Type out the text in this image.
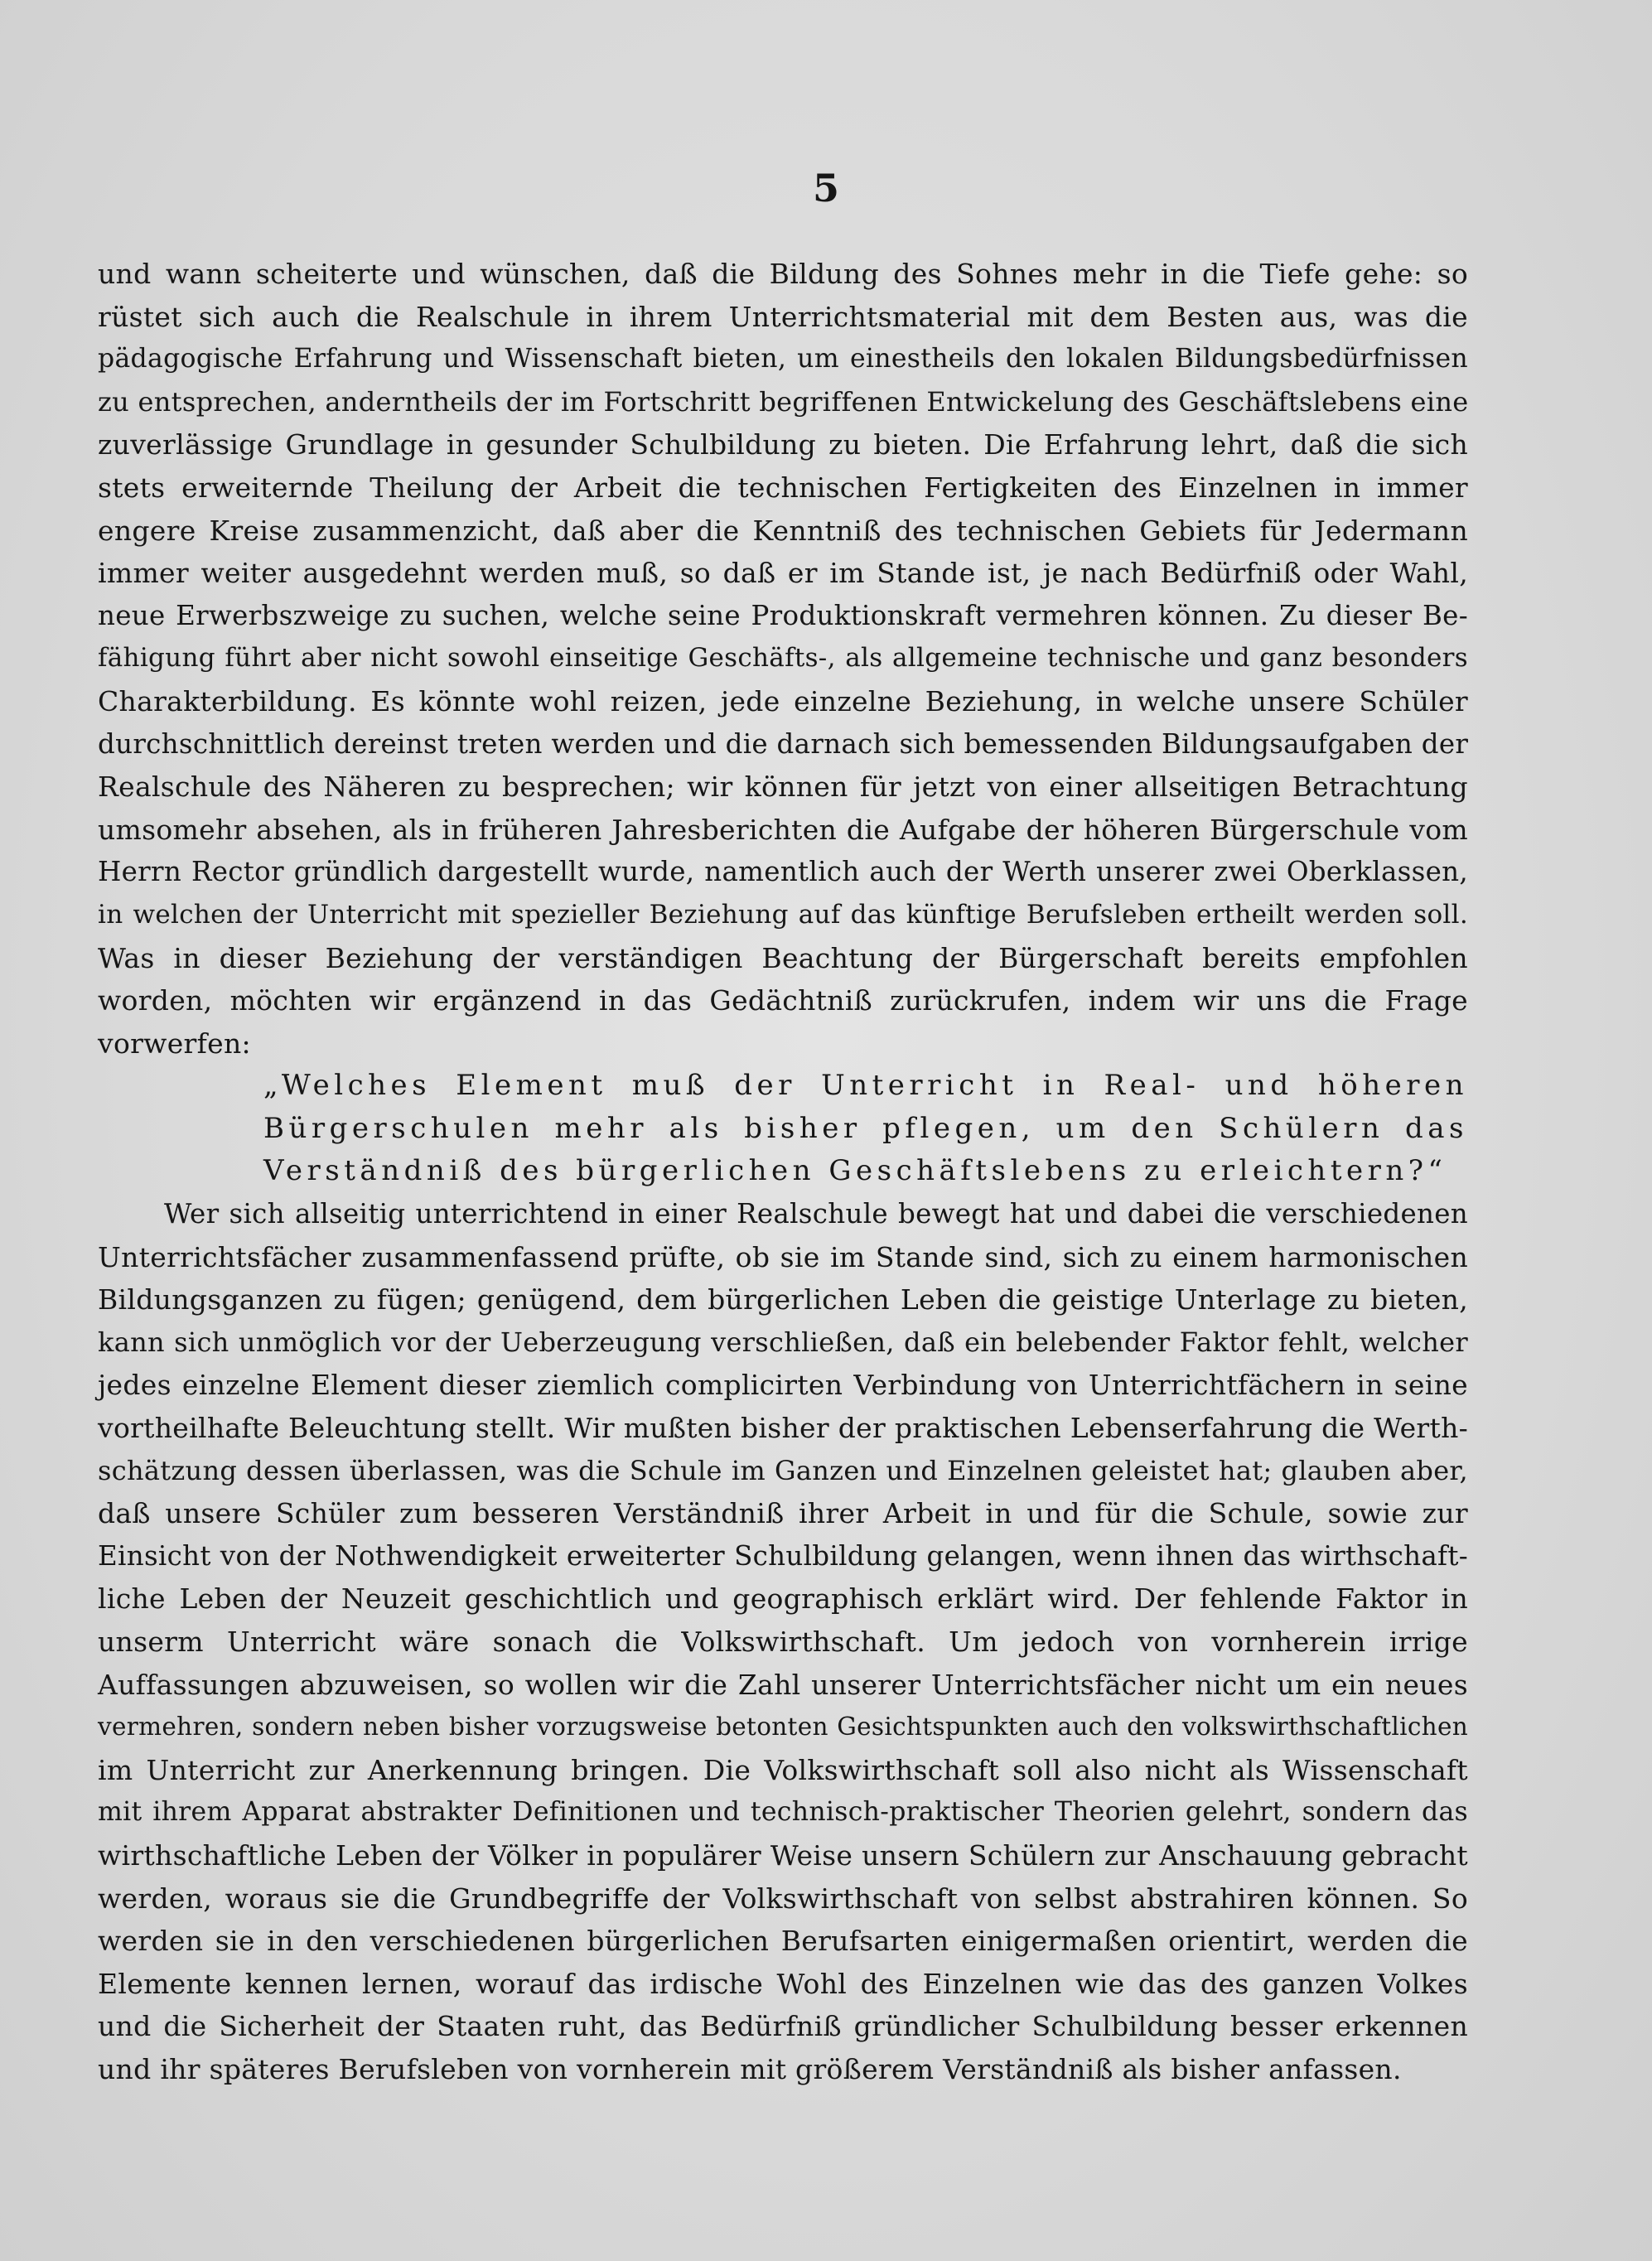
5
und wann scheiterte und wünschen, daß die Bildung des Sohnes mehr in die Tiefe gehe: so
rüstet sich auch die Realschule in ihrem Unterrichtsmaterial mit dem Besten aus, was die
pädagogische Erfahrung und Wissenschaft bieten, um einestheils den lokalen Bildungsbedürfnissen
zu entsprechen, anderntheils der im Fortschritt begriffenen Entwickelung des Geschäftslebens eine
zuverlässige Grundlage in gesunder Schulbildung zu bieten. Die Erfahrung lehrt, daß die sich
stets erweiternde Theilung der Arbeit die technischen Fertigkeiten des Einzelnen in immer
engere Kreise zusammenzicht, daß aber die Kenntniß des technischen Gebiets für Jedermann
immer weiter ausgedehnt werden muß, so daß er im Stande ist, je nach Bedürfniß oder Wahl,
neue Erwerbszweige zu suchen, welche seine Produktionskraft vermehren können. Zu dieser Be-
fähigung führt aber nicht sowohl einseitige Geschäfts-, als allgemeine technische und ganz besonders
Charakterbildung. Es könnte wohl reizen, jede einzelne Beziehung, in welche unsere Schüler
durchschnittlich dereinst treten werden und die darnach sich bemessenden Bildungsaufgaben der
Realschule des Näheren zu besprechen; wir können für jetzt von einer allseitigen Betrachtung
umsomehr absehen, als in früheren Jahresberichten die Aufgabe der höheren Bürgerschule vom
Herrn Rector gründlich dargestellt wurde, namentlich auch der Werth unserer zwei Oberklassen,
in welchen der Unterricht mit spezieller Beziehung auf das künftige Berufsleben ertheilt werden soll.
Was in dieser Beziehung der verständigen Beachtung der Bürgerschaft bereits empfohlen
worden, möchten wir ergänzend in das Gedächtniß zurückrufen, indem wir uns die Frage
vorwerfen:
„Welches Element muß der Unterricht in Real- und höheren
Bürgerschulen mehr als bisher pflegen, um den Schülern das
Verständniß des bürgerlichen Geschäftslebens zu erleichtern?“
Wer sich allseitig unterrichtend in einer Realschule bewegt hat und dabei die verschiedenen
Unterrichtsfächer zusammenfassend prüfte, ob sie im Stande sind, sich zu einem harmonischen
Bildungsganzen zu fügen; genügend, dem bürgerlichen Leben die geistige Unterlage zu bieten,
kann sich unmöglich vor der Ueberzeugung verschließen, daß ein belebender Faktor fehlt, welcher
jedes einzelne Element dieser ziemlich complicirten Verbindung von Unterrichtfächern in seine
vortheilhafte Beleuchtung stellt. Wir mußten bisher der praktischen Lebenserfahrung die Werth-
schätzung dessen überlassen, was die Schule im Ganzen und Einzelnen geleistet hat; glauben aber,
daß unsere Schüler zum besseren Verständniß ihrer Arbeit in und für die Schule, sowie zur
Einsicht von der Nothwendigkeit erweiterter Schulbildung gelangen, wenn ihnen das wirthschaft-
liche Leben der Neuzeit geschichtlich und geographisch erklärt wird. Der fehlende Faktor in
unserm Unterricht wäre sonach die Volkswirthschaft. Um jedoch von vornherein irrige
Auffassungen abzuweisen, so wollen wir die Zahl unserer Unterrichtsfächer nicht um ein neues
vermehren, sondern neben bisher vorzugsweise betonten Gesichtspunkten auch den volkswirthschaftlichen
im Unterricht zur Anerkennung bringen. Die Volkswirthschaft soll also nicht als Wissenschaft
mit ihrem Apparat abstrakter Definitionen und technisch-praktischer Theorien gelehrt, sondern das
wirthschaftliche Leben der Völker in populärer Weise unsern Schülern zur Anschauung gebracht
werden, woraus sie die Grundbegriffe der Volkswirthschaft von selbst abstrahiren können. So
werden sie in den verschiedenen bürgerlichen Berufsarten einigermaßen orientirt, werden die
Elemente kennen lernen, worauf das irdische Wohl des Einzelnen wie das des ganzen Volkes
und die Sicherheit der Staaten ruht, das Bedürfniß gründlicher Schulbildung besser erkennen
und ihr späteres Berufsleben von vornherein mit größerem Verständniß als bisher anfassen.
